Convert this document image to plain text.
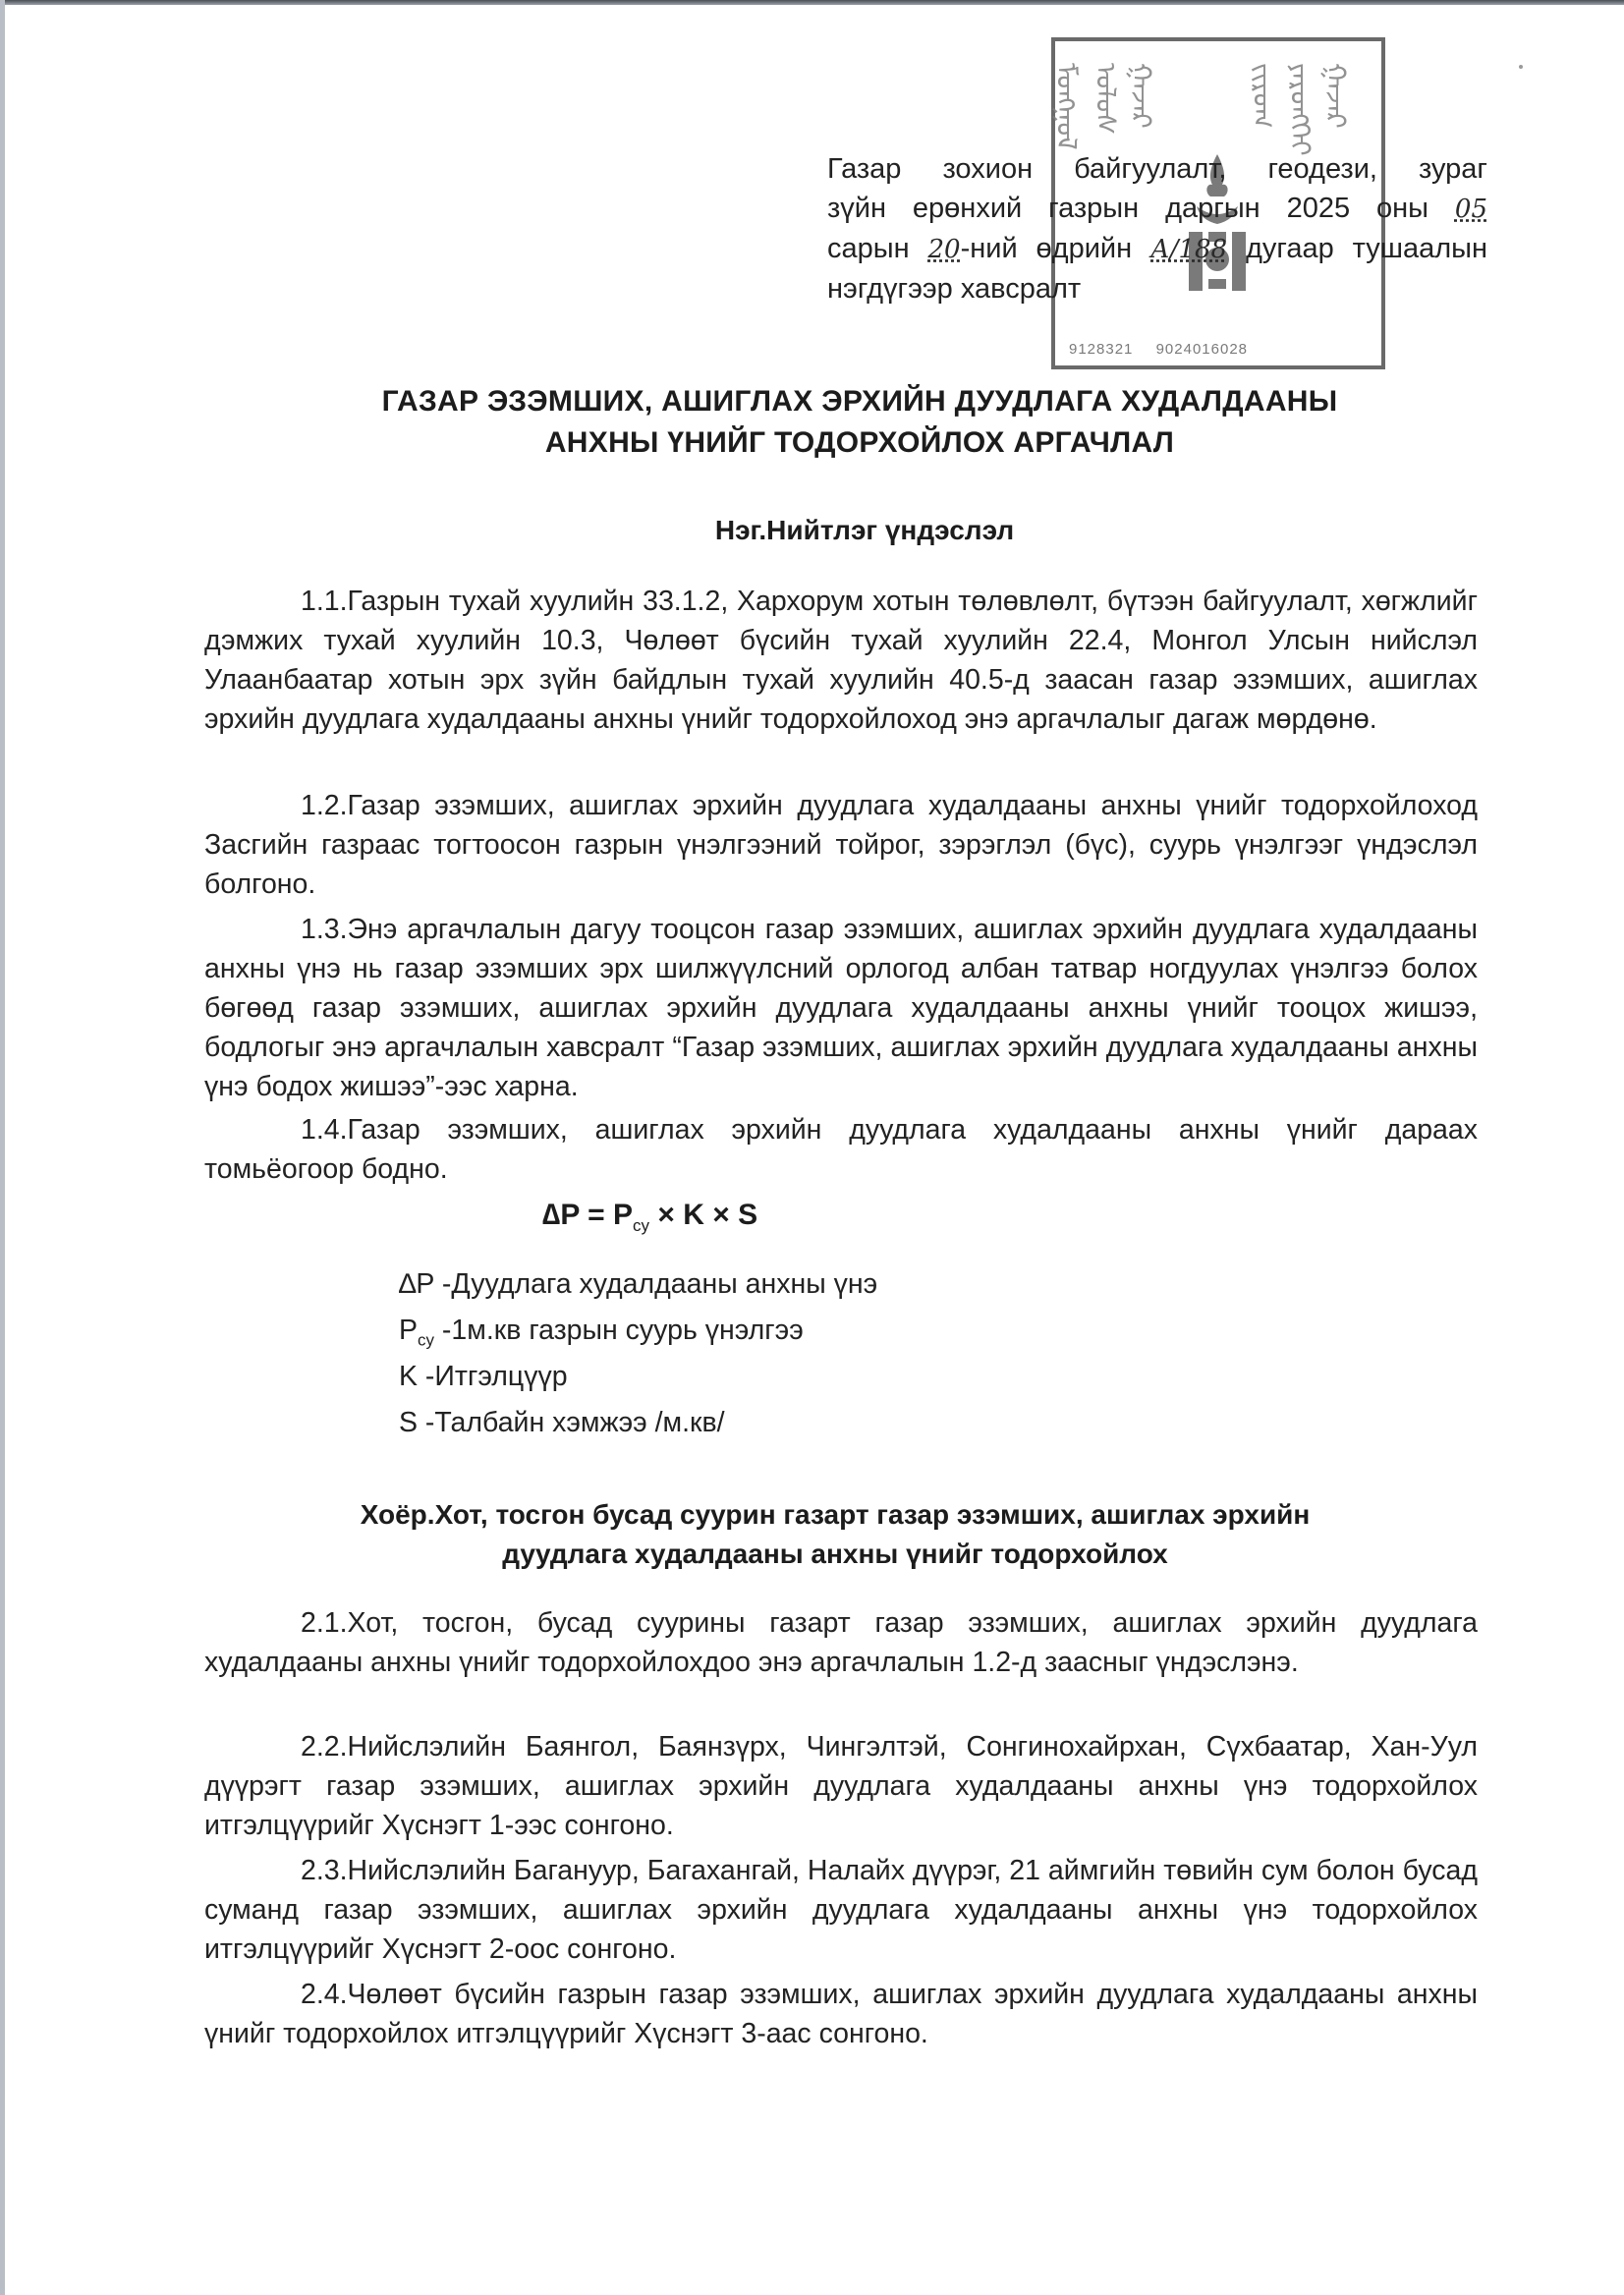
ᠮᠣᠩᠭᠣᠯ ᠤᠯᠤᠰ ᠭᠠᠵᠠᠷ	ᠵᠢᠷᠤᠭ ᠶᠡᠷᠦᠩᠬᠡᠢ ᠭᠠᠵᠠᠷ
9128321 9024016028
Газар зохион байгуулалт, геодези, зураг
зүйн ерөнхий газрын даргын 2025 оны 05
сарын 20-ний өдрийн А/188 дугаар тушаалын
нэгдүгээр хавсралт
ГАЗАР ЭЗЭМШИХ, АШИГЛАХ ЭРХИЙН ДУУДЛАГА ХУДАЛДААНЫ
АНХНЫ ҮНИЙГ ТОДОРХОЙЛОХ АРГАЧЛАЛ
Нэг.Нийтлэг үндэслэл
1.1.Газрын тухай хуулийн 33.1.2, Хархорум хотын төлөвлөлт, бүтээн байгуулалт, хөгжлийг дэмжих тухай хуулийн 10.3, Чөлөөт бүсийн тухай хуулийн 22.4, Монгол Улсын нийслэл Улаанбаатар хотын эрх зүйн байдлын тухай хуулийн 40.5-д заасан газар эзэмших, ашиглах эрхийн дуудлага худалдааны анхны үнийг тодорхойлоход энэ аргачлалыг дагаж мөрдөнө.
1.2.Газар эзэмших, ашиглах эрхийн дуудлага худалдааны анхны үнийг тодорхойлоход Засгийн газраас тогтоосон газрын үнэлгээний тойрог, зэрэглэл (бүс), суурь үнэлгээг үндэслэл болгоно.
1.3.Энэ аргачлалын дагуу тооцсон газар эзэмших, ашиглах эрхийн дуудлага худалдааны анхны үнэ нь газар эзэмших эрх шилжүүлсний орлогод албан татвар ногдуулах үнэлгээ болох бөгөөд газар эзэмших, ашиглах эрхийн дуудлага худалдааны анхны үнийг тооцох жишээ, бодлогыг энэ аргачлалын хавсралт “Газар эзэмших, ашиглах эрхийн дуудлага худалдааны анхны үнэ бодох жишээ”-ээс харна.
1.4.Газар эзэмших, ашиглах эрхийн дуудлага худалдааны анхны үнийг дараах томьёогоор бодно.
$\Delta P = P_{су} \times K \times S$
∆P -Дуудлага худалдааны анхны үнэ
$P_{су}$ -1м.кв газрын суурь үнэлгээ
K -Итгэлцүүр
S -Талбайн хэмжээ /м.кв/
Хоёр.Хот, тосгон бусад суурин газарт газар эзэмших, ашиглах эрхийн
дуудлага худалдааны анхны үнийг тодорхойлох
2.1.Хот, тосгон, бусад суурины газарт газар эзэмших, ашиглах эрхийн дуудлага худалдааны анхны үнийг тодорхойлохдоо энэ аргачлалын 1.2-д заасныг үндэслэнэ.
2.2.Нийслэлийн Баянгол, Баянзүрх, Чингэлтэй, Сонгинохайрхан, Сүхбаатар, Хан-Уул дүүрэгт газар эзэмших, ашиглах эрхийн дуудлага худалдааны анхны үнэ тодорхойлох итгэлцүүрийг Хүснэгт 1-ээс сонгоно.
2.3.Нийслэлийн Багануур, Багахангай, Налайх дүүрэг, 21 аймгийн төвийн сум болон бусад суманд газар эзэмших, ашиглах эрхийн дуудлага худалдааны анхны үнэ тодорхойлох итгэлцүүрийг Хүснэгт 2-оос сонгоно.
2.4.Чөлөөт бүсийн газрын газар эзэмших, ашиглах эрхийн дуудлага худалдааны анхны үнийг тодорхойлох итгэлцүүрийг Хүснэгт 3-аас сонгоно.
